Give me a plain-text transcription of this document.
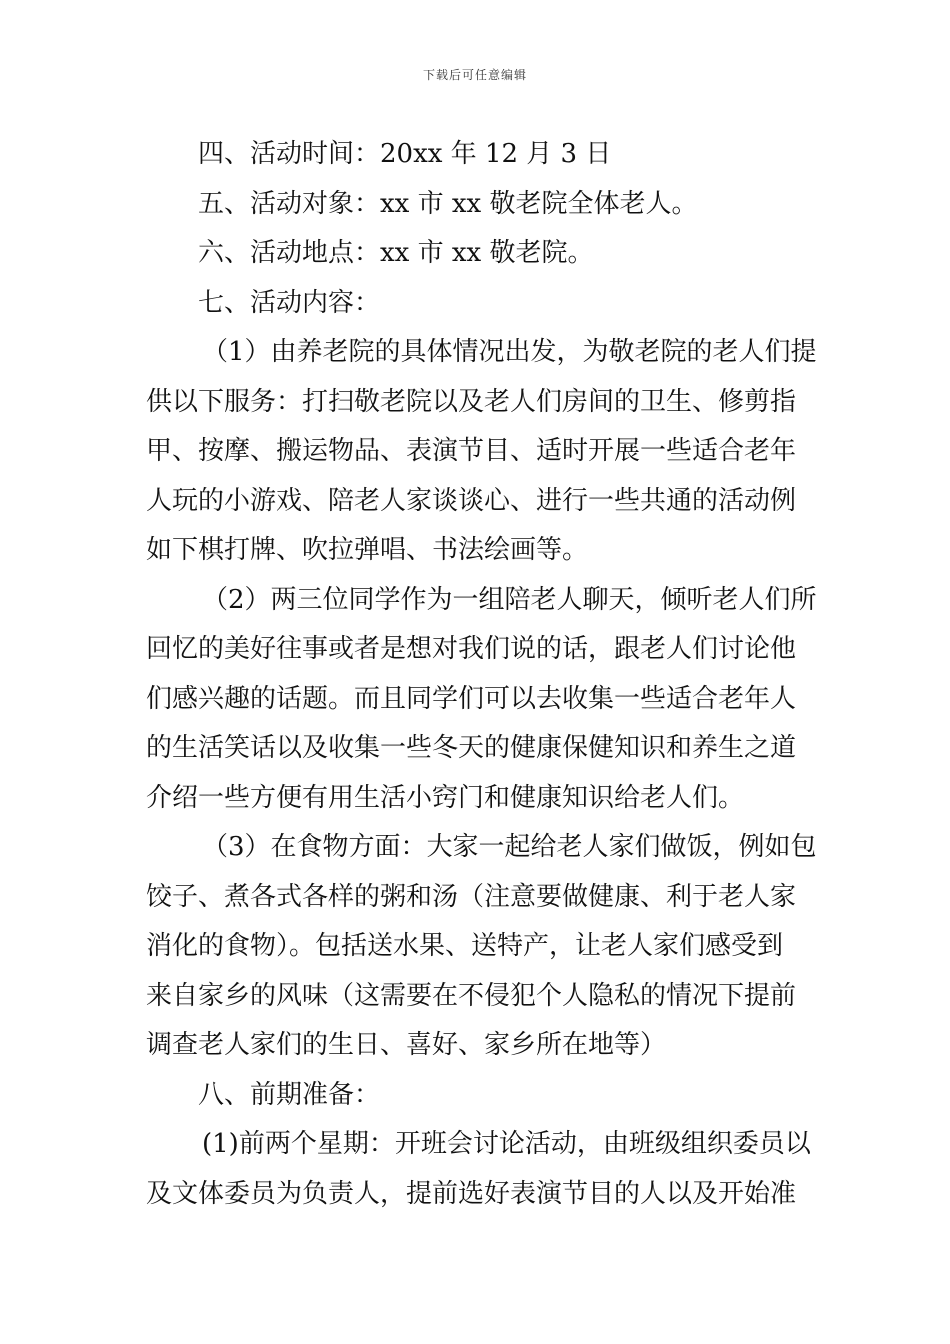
下载后可任意编辑
四、活动时间：20xx 年 12 月 3 日
五、活动对象：xx 市 xx 敬老院全体老人。
六、活动地点：xx 市 xx 敬老院。
七、活动内容：
（1）由养老院的具体情况出发，为敬老院的老人们提
供以下服务：打扫敬老院以及老人们房间的卫生、修剪指
甲、按摩、搬运物品、表演节目、适时开展一些适合老年
人玩的小游戏、陪老人家谈谈心、进行一些共通的活动例
如下棋打牌、吹拉弹唱、书法绘画等。
（2）两三位同学作为一组陪老人聊天，倾听老人们所
回忆的美好往事或者是想对我们说的话，跟老人们讨论他
们感兴趣的话题。而且同学们可以去收集一些适合老年人
的生活笑话以及收集一些冬天的健康保健知识和养生之道
介绍一些方便有用生活小窍门和健康知识给老人们。
（3）在食物方面：大家一起给老人家们做饭，例如包
饺子、煮各式各样的粥和汤（注意要做健康、利于老人家
消化的食物）。包括送水果、送特产，让老人家们感受到
来自家乡的风味（这需要在不侵犯个人隐私的情况下提前
调查老人家们的生日、喜好、家乡所在地等）
八、前期准备：
(1)前两个星期：开班会讨论活动，由班级组织委员以
及文体委员为负责人，提前选好表演节目的人以及开始准
